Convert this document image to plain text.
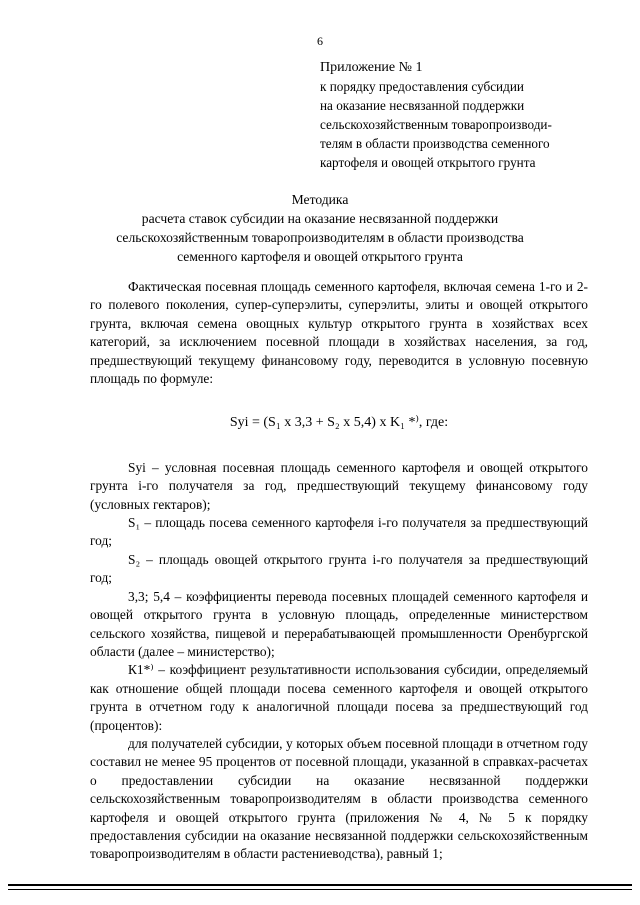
6
Приложение № 1
к порядку предоставления субсидии
на оказание несвязанной поддержки
сельскохозяйственным товаропроизводи-
телям в области производства семенного
картофеля и овощей открытого грунта
Методика
расчета ставок субсидии на оказание несвязанной поддержки
сельскохозяйственным товаропроизводителям в области производства
семенного картофеля и овощей открытого грунта

Фактическая посевная площадь семенного картофеля, включая семена 1-го и 2-го полевого поколения, супер-суперэлиты, суперэлиты, элиты и овощей открытого грунта, включая семена овощных культур открытого грунта в хозяйствах всех категорий, за исключением посевной площади в хозяйствах населения, за год, предшествующий текущему финансовому году, переводится в условную посевную площадь по формуле:

Syi = (S₁ x 3,3 + S₂ x 5,4) x K₁ *⁾, где:

Syi – условная посевная площадь семенного картофеля и овощей открытого грунта i-го получателя за год, предшествующий текущему финансовому году (условных гектаров);

S₁ – площадь посева семенного картофеля i-го получателя за предшествующий год;

S₂ – площадь овощей открытого грунта i-го получателя за предшествующий год;

3,3; 5,4 – коэффициенты перевода посевных площадей семенного картофеля и овощей открытого грунта в условную площадь, определенные министерством сельского хозяйства, пищевой и перерабатывающей промышленности Оренбургской области (далее – министерство);

К1*⁾ – коэффициент результативности использования субсидии, определяемый как отношение общей площади посева семенного картофеля и овощей открытого грунта в отчетном году к аналогичной площади посева за предшествующий год (процентов):

для получателей субсидии, у которых объем посевной площади в отчетном году составил не менее 95 процентов от посевной площади, указанной в справках-расчетах о предоставлении субсидии на оказание несвязанной поддержки сельскохозяйственным товаропроизводителям в области производства семенного картофеля и овощей открытого грунта (приложения № 4, № 5 к порядку предоставления субсидии на оказание несвязанной поддержки сельскохозяйственным товаропроизводителям в области растениеводства), равный 1;
